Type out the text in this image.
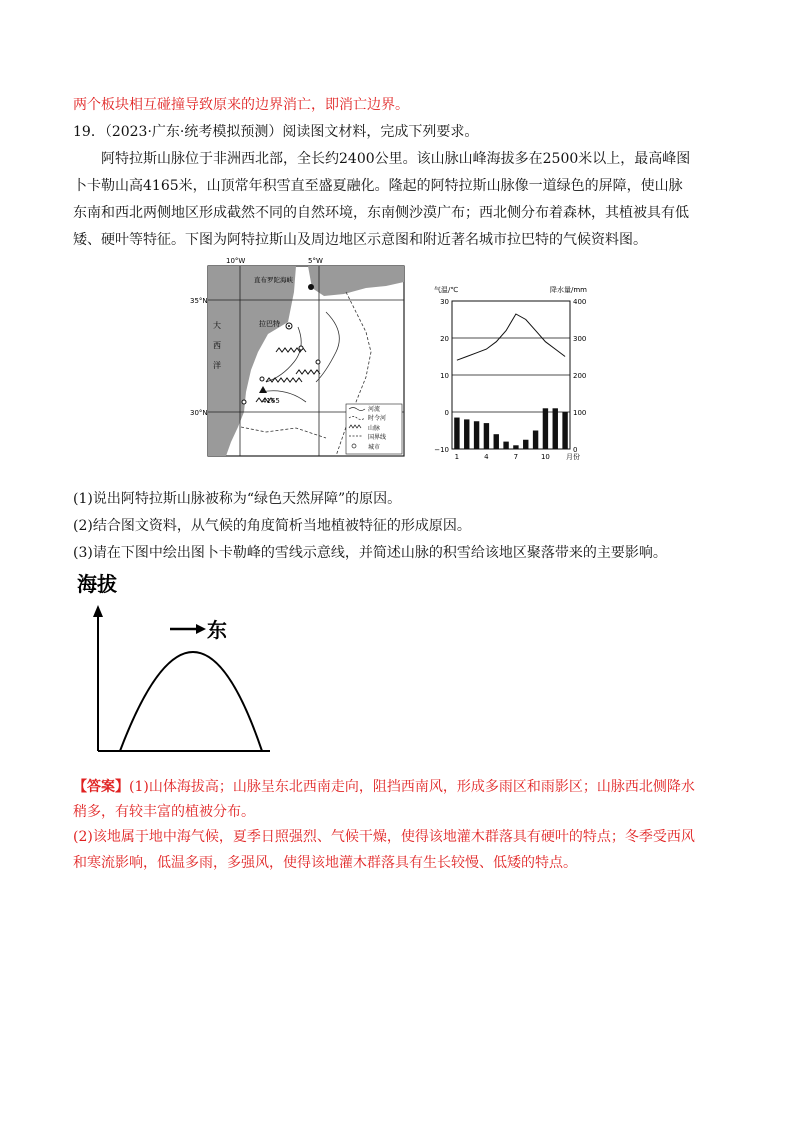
两个板块相互碰撞导致原来的边界消亡，即消亡边界。
19．（2023·广东·统考模拟预测）阅读图文材料，完成下列要求。
阿特拉斯山脉位于非洲西北部，全长约2400公里。该山脉山峰海拔多在2500米以上，最高峰图
卜卡勒山高4165米，山顶常年积雪直至盛夏融化。隆起的阿特拉斯山脉像一道绿色的屏障，使山脉
东南和西北两侧地区形成截然不同的自然环境，东南侧沙漠广布；西北侧分布着森林，其植被具有低
矮、硬叶等特征。下图为阿特拉斯山及周边地区示意图和附近著名城市拉巴特的气候资料图。
10°W	5°W
35°N
30°N
直布罗陀海峡
大
西
洋
拉巴特
4165
河流
时令河
山脉
国界线
城市
气温/℃	降水量/mm
30
20
10
0
−10
400
300
200
100
0
1	4	7	10 月份
(1)说出阿特拉斯山脉被称为“绿色天然屏障”的原因。
(2)结合图文资料，从气候的角度简析当地植被特征的形成原因。
(3)请在下图中绘出图卜卡勒峰的雪线示意线，并简述山脉的积雪给该地区聚落带来的主要影响。
海拔
东
【答案】(1)山体海拔高；山脉呈东北西南走向，阻挡西南风，形成多雨区和雨影区；山脉西北侧降水
稍多，有较丰富的植被分布。
(2)该地属于地中海气候，夏季日照强烈、气候干燥，使得该地灌木群落具有硬叶的特点；冬季受西风
和寒流影响，低温多雨，多强风，使得该地灌木群落具有生长较慢、低矮的特点。
